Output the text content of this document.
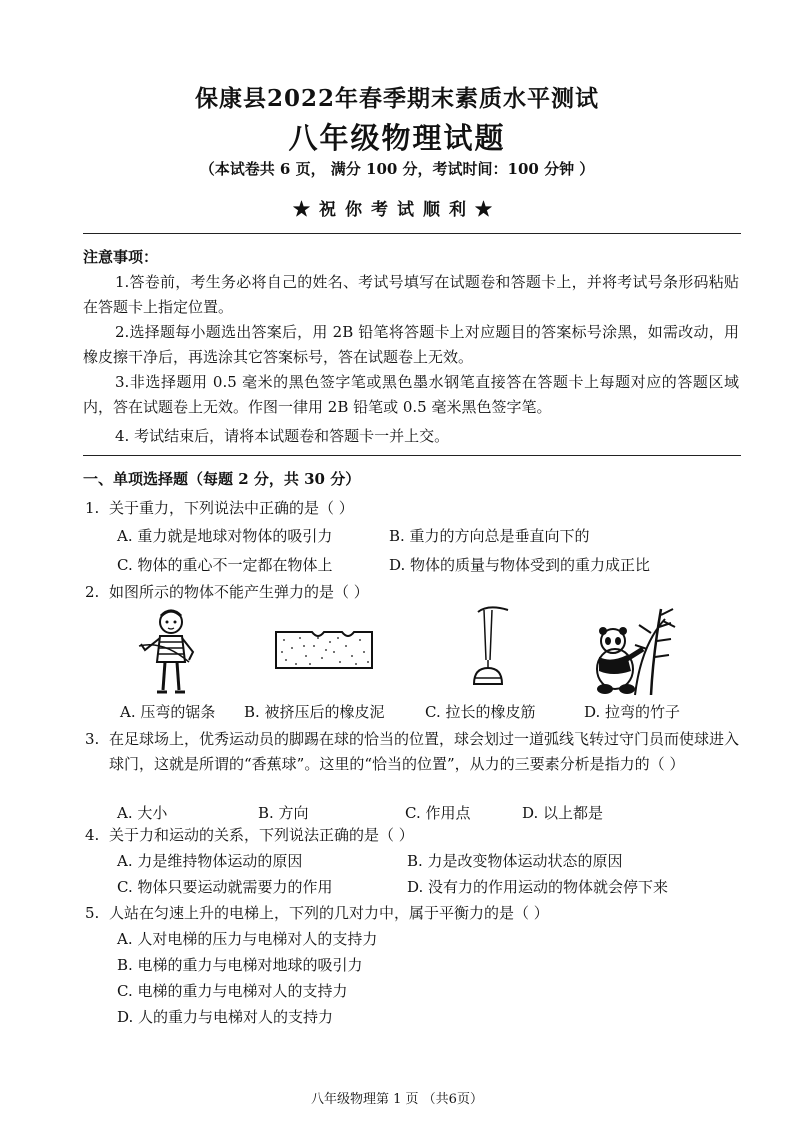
保康县2022年春季期末素质水平测试
八年级物理试题
（本试卷共 6 页， 满分 100 分，考试时间：100 分钟 ）
★祝你考试顺利★
注意事项：
1.答卷前，考生务必将自己的姓名、考试号填写在试题卷和答题卡上，并将考试号条形码粘贴在答题卡上指定位置。
2.选择题每小题选出答案后，用 2B 铅笔将答题卡上对应题目的答案标号涂黑，如需改动，用橡皮擦干净后，再选涂其它答案标号，答在试题卷上无效。
3.非选择题用 0.5 毫米的黑色签字笔或黑色墨水钢笔直接答在答题卡上每题对应的答题区域内，答在试题卷上无效。作图一律用 2B 铅笔或 0.5 毫米黑色签字笔。
4. 考试结束后，请将本试题卷和答题卡一并上交。
一、单项选择题（每题 2 分，共 30 分）
1. 关于重力，下列说法中正确的是（ ）
A. 重力就是地球对物体的吸引力	B. 重力的方向总是垂直向下的
C. 物体的重心不一定都在物体上	D. 物体的质量与物体受到的重力成正比
2. 如图所示的物体不能产生弹力的是（ ）
A. 压弯的锯条 B. 被挤压后的橡皮泥	C. 拉长的橡皮筋	D. 拉弯的竹子
3. 在足球场上，优秀运动员的脚踢在球的恰当的位置，球会划过一道弧线飞转过守门员而使球进入球门，这就是所谓的“香蕉球”。这里的“恰当的位置”，从力的三要素分析是指力的（ ）
A. 大小	B. 方向	C. 作用点	D. 以上都是
4. 关于力和运动的关系，下列说法正确的是（ ）
A. 力是维持物体运动的原因	B. 力是改变物体运动状态的原因
C. 物体只要运动就需要力的作用	D. 没有力的作用运动的物体就会停下来
5. 人站在匀速上升的电梯上，下列的几对力中，属于平衡力的是（ ）
A. 人对电梯的压力与电梯对人的支持力
B. 电梯的重力与电梯对地球的吸引力
C. 电梯的重力与电梯对人的支持力
D. 人的重力与电梯对人的支持力
八年级物理第 1 页 （共6页）
